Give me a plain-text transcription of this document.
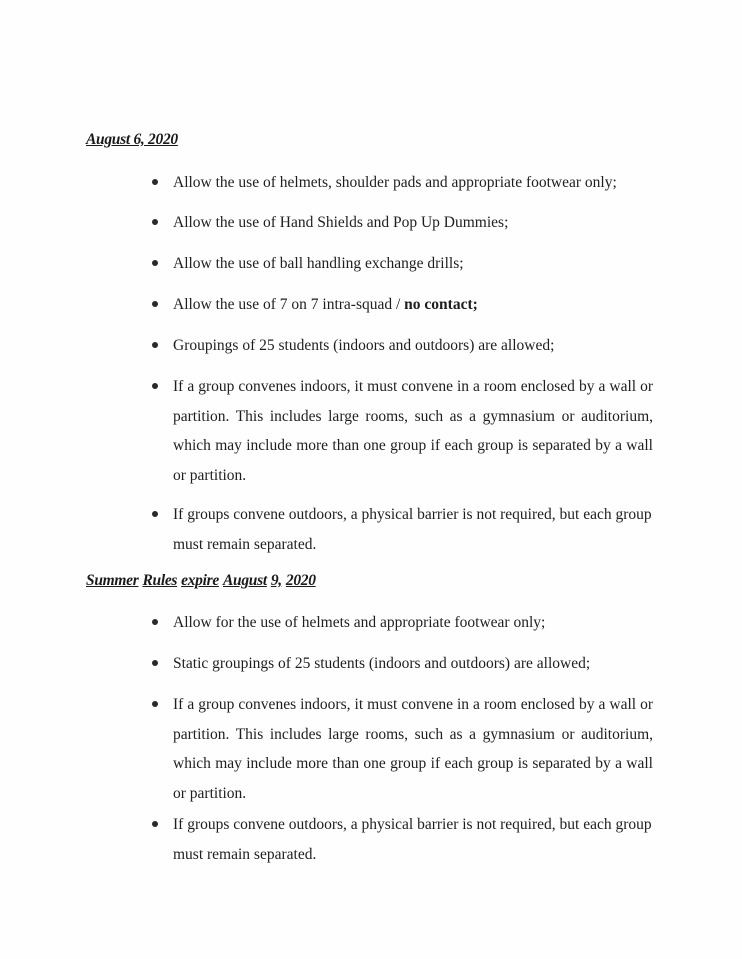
August 6, 2020
Allow the use of helmets, shoulder pads and appropriate footwear only;
Allow the use of Hand Shields and Pop Up Dummies;
Allow the use of ball handling exchange drills;
Allow the use of 7 on 7 intra-squad / no contact;
Groupings of 25 students (indoors and outdoors) are allowed;
If a group convenes indoors, it must convene in a room enclosed by a wall or partition. This includes large rooms, such as a gymnasium or auditorium, which may include more than one group if each group is separated by a wall or partition.
If groups convene outdoors, a physical barrier is not required, but each group must remain separated.
Summer Rules expire August 9, 2020
Allow for the use of helmets and appropriate footwear only;
Static groupings of 25 students (indoors and outdoors) are allowed;
If a group convenes indoors, it must convene in a room enclosed by a wall or partition. This includes large rooms, such as a gymnasium or auditorium, which may include more than one group if each group is separated by a wall or partition.
If groups convene outdoors, a physical barrier is not required, but each group must remain separated.
